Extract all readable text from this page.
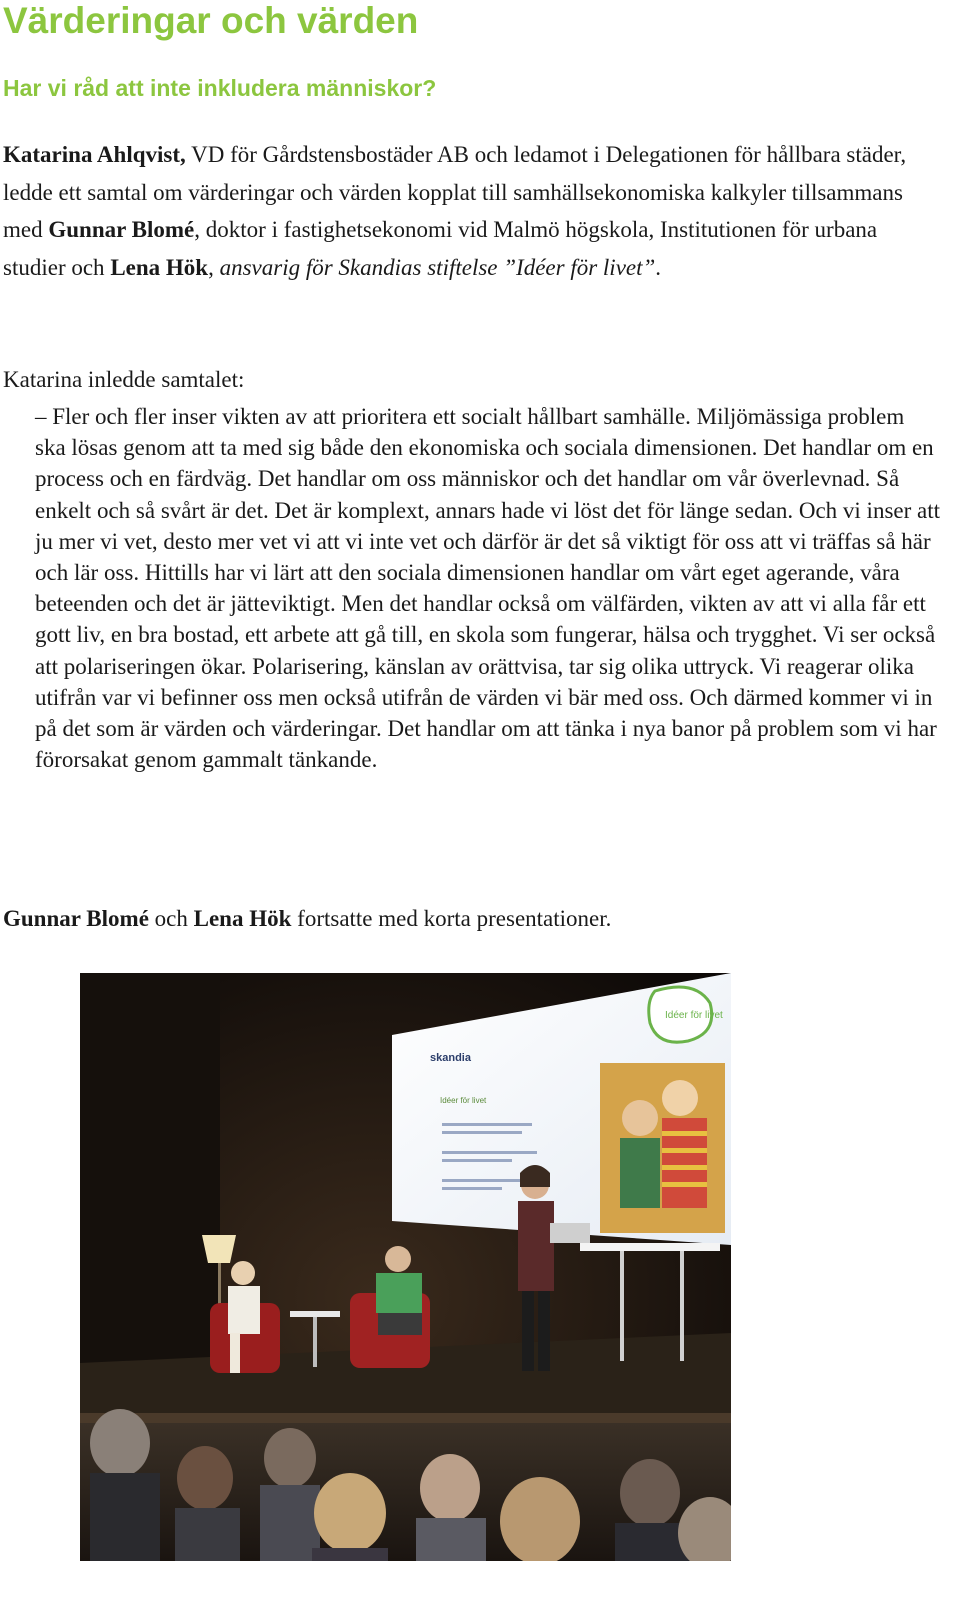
Värderingar och värden
Har vi råd att inte inkludera människor?

Katarina Ahlqvist, VD för Gårdstensbostäder AB och ledamot i Delegationen för hållbara städer, ledde ett samtal om värderingar och värden kopplat till samhällsekonomiska kalkyler tillsammans med Gunnar Blomé, doktor i fastighetsekonomi vid Malmö högskola, Institutionen för urbana studier och Lena Hök, ansvarig för Skandias stiftelse ”Idéer för livet”.

Katarina inledde samtalet:

– Fler och fler inser vikten av att prioritera ett socialt hållbart samhälle. Miljömässiga problem ska lösas genom att ta med sig både den ekonomiska och sociala dimensionen. Det handlar om en process och en färdväg. Det handlar om oss människor och det handlar om vår överlevnad. Så enkelt och så svårt är det. Det är komplext, annars hade vi löst det för länge sedan. Och vi inser att ju mer vi vet, desto mer vet vi att vi inte vet och därför är det så viktigt för oss att vi träffas så här och lär oss. Hittills har vi lärt att den sociala dimensionen handlar om vårt eget agerande, våra beteenden och det är jätteviktigt. Men det handlar också om välfärden, vikten av att vi alla får ett gott liv, en bra bostad, ett arbete att gå till, en skola som fungerar, hälsa och trygghet. Vi ser också att polariseringen ökar. Polarisering, känslan av orättvisa, tar sig olika uttryck. Vi reagerar olika utifrån var vi befinner oss men också utifrån de värden vi bär med oss. Och därmed kommer vi in på det som är värden och värderingar. Det handlar om att tänka i nya banor på problem som vi har förorsakat genom gammalt tänkande.

Gunnar Blomé och Lena Hök fortsatte med korta presentationer.

skandia
Idéer för livet
Idéer för livet
